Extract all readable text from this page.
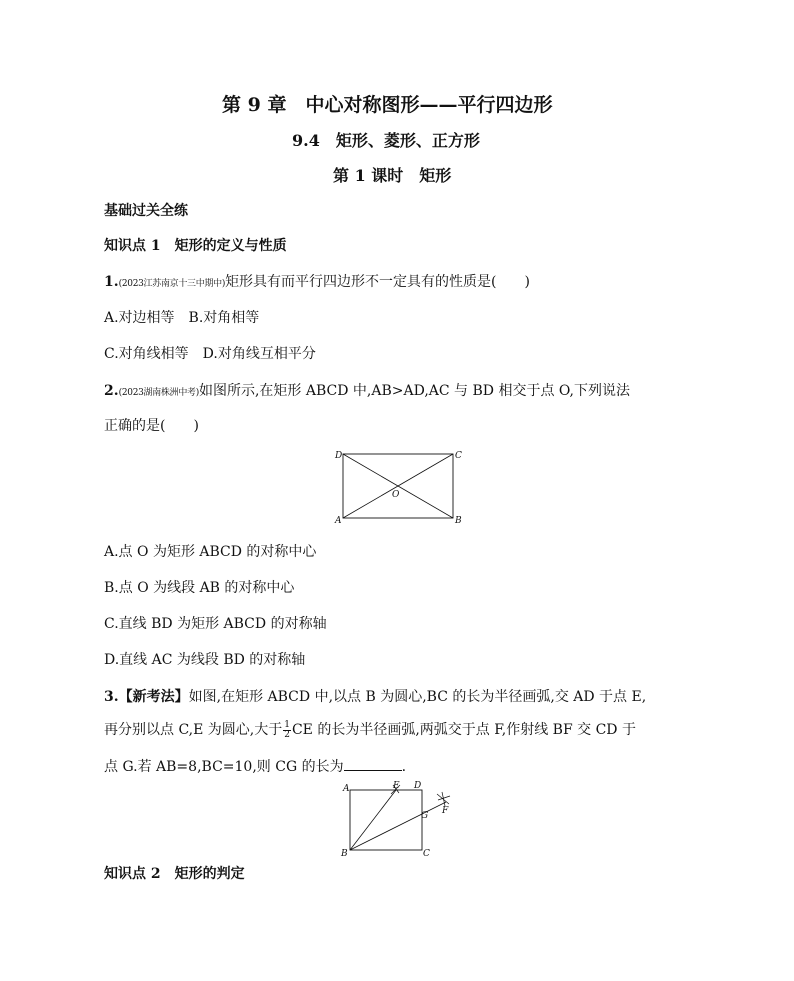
第 9 章　中心对称图形——平行四边形
9.4　矩形、菱形、正方形
第 1 课时　矩形
基础过关全练
知识点 1　矩形的定义与性质
1.(2023江苏南京十三中期中)矩形具有而平行四边形不一定具有的性质是(　　)
A.对边相等　B.对角相等
C.对角线相等　D.对角线互相平分
2.(2023湖南株洲中考)如图所示,在矩形 ABCD 中,AB>AD,AC 与 BD 相交于点 O,下列说法
正确的是(　　)
D	C
A	B
O
A.点 O 为矩形 ABCD 的对称中心
B.点 O 为线段 AB 的对称中心
C.直线 BD 为矩形 ABCD 的对称轴
D.直线 AC 为线段 BD 的对称轴
3.【新考法】如图,在矩形 ABCD 中,以点 B 为圆心,BC 的长为半径画弧,交 AD 于点 E,
再分别以点 C,E 为圆心,大于 $\frac{1}{2}$ CE 的长为半径画弧,两弧交于点 F,作射线 BF 交 CD 于
点 G.若 AB=8,BC=10,则 CG 的长为	.
A	E D
G F
B	C
知识点 2　矩形的判定
